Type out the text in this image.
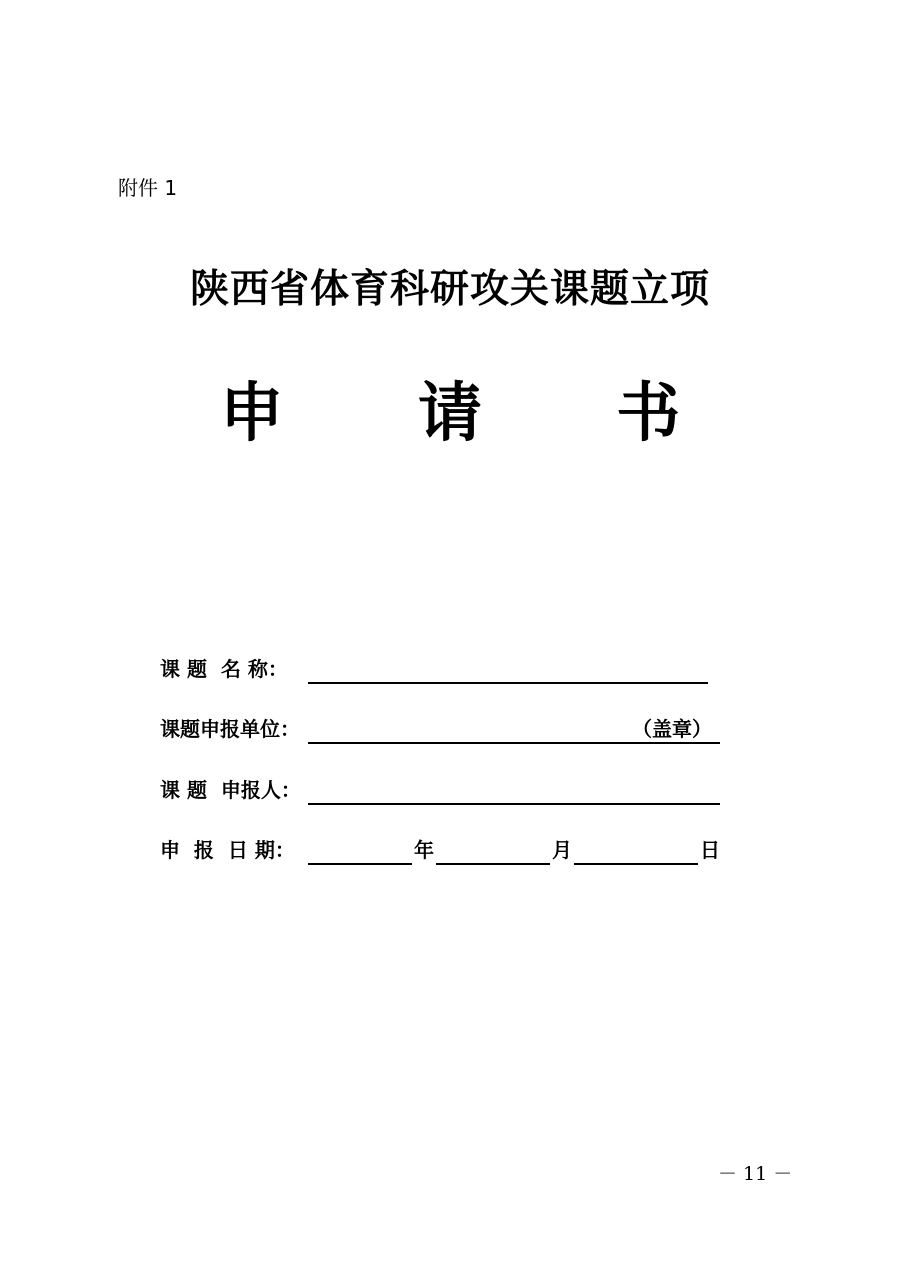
附件 1
陕西省体育科研攻关课题立项
申 请 书
课 题  名 称：
课题申报单位：	（盖章）
课 题  申报人：
申  报  日 期：	年	月	日
－ 11 －
